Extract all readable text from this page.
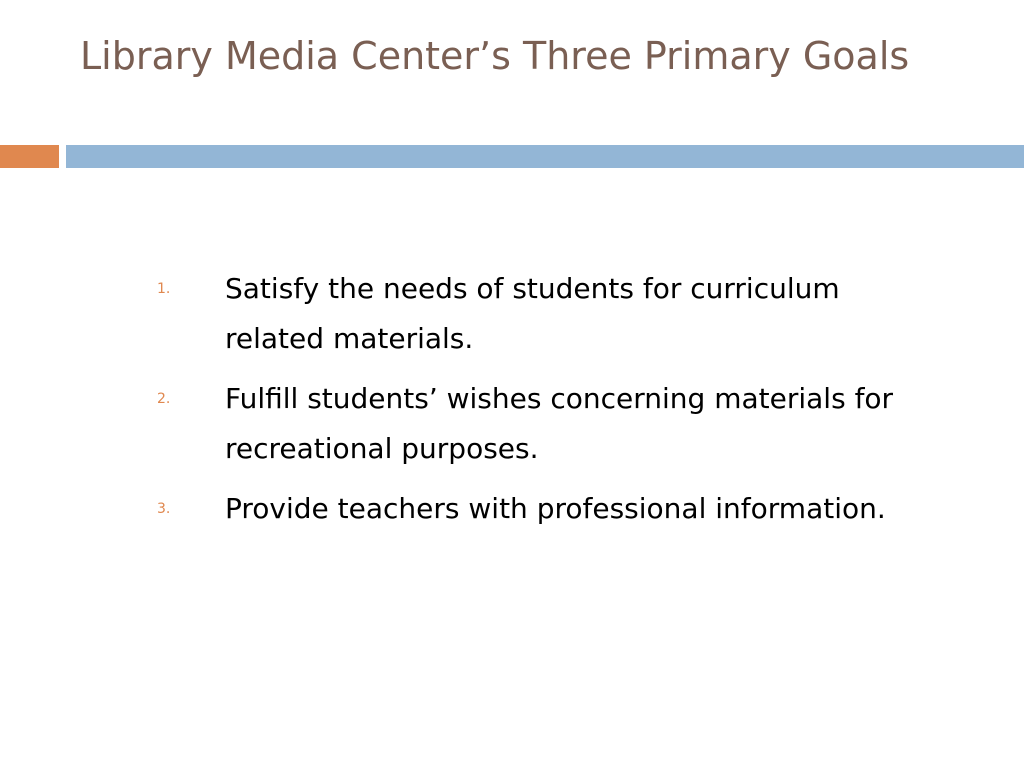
Library Media Center’s Three Primary Goals
1. Satisfy the needs of students for curriculum related materials.
2. Fulfill students’ wishes concerning materials for recreational purposes.
3. Provide teachers with professional information.
